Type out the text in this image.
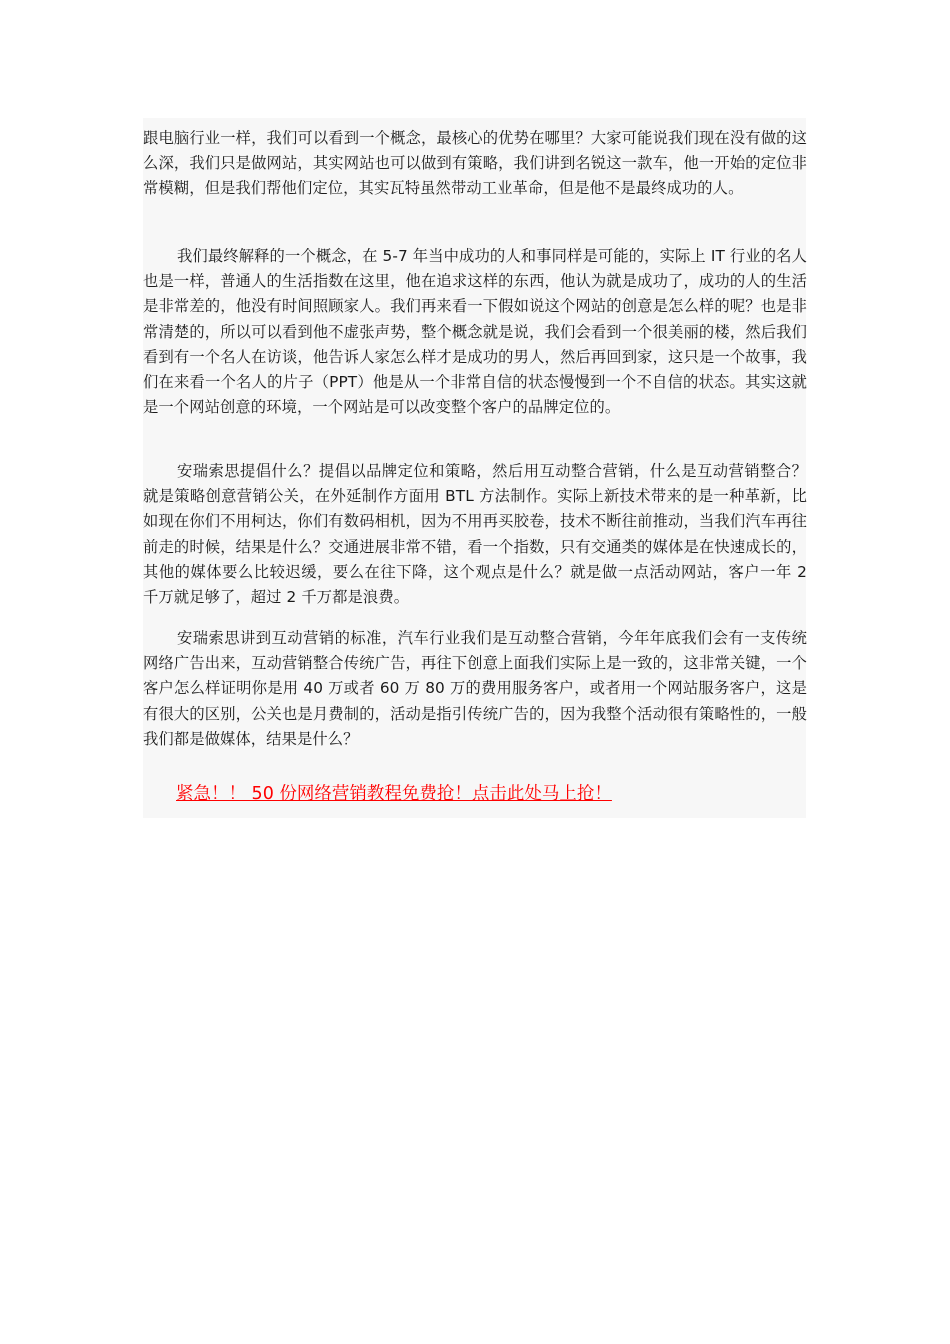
跟电脑行业一样，我们可以看到一个概念，最核心的优势在哪里？大家可能说我们现在没有做的这么深，我们只是做网站，其实网站也可以做到有策略，我们讲到名锐这一款车，他一开始的定位非常模糊，但是我们帮他们定位，其实瓦特虽然带动工业革命，但是他不是最终成功的人。

我们最终解释的一个概念，在 5-7 年当中成功的人和事同样是可能的，实际上 IT 行业的名人也是一样，普通人的生活指数在这里，他在追求这样的东西，他认为就是成功了，成功的人的生活是非常差的，他没有时间照顾家人。我们再来看一下假如说这个网站的创意是怎么样的呢？也是非常清楚的，所以可以看到他不虚张声势，整个概念就是说，我们会看到一个很美丽的楼，然后我们看到有一个名人在访谈，他告诉人家怎么样才是成功的男人，然后再回到家，这只是一个故事，我们在来看一个名人的片子（PPT）他是从一个非常自信的状态慢慢到一个不自信的状态。其实这就是一个网站创意的环境，一个网站是可以改变整个客户的品牌定位的。

安瑞索思提倡什么？提倡以品牌定位和策略，然后用互动整合营销，什么是互动营销整合？就是策略创意营销公关，在外延制作方面用 BTL 方法制作。实际上新技术带来的是一种革新，比如现在你们不用柯达，你们有数码相机，因为不用再买胶卷，技术不断往前推动，当我们汽车再往前走的时候，结果是什么？交通进展非常不错，看一个指数，只有交通类的媒体是在快速成长的，其他的媒体要么比较迟缓，要么在往下降，这个观点是什么？就是做一点活动网站，客户一年 2 千万就足够了，超过 2 千万都是浪费。

安瑞索思讲到互动营销的标准，汽车行业我们是互动整合营销，今年年底我们会有一支传统网络广告出来，互动营销整合传统广告，再往下创意上面我们实际上是一致的，这非常关键，一个客户怎么样证明你是用 40 万或者 60 万 80 万的费用服务客户，或者用一个网站服务客户，这是有很大的区别，公关也是月费制的，活动是指引传统广告的，因为我整个活动很有策略性的，一般我们都是做媒体，结果是什么？

紧急！！ 50 份网络营销教程免费抢！点击此处马上抢！
